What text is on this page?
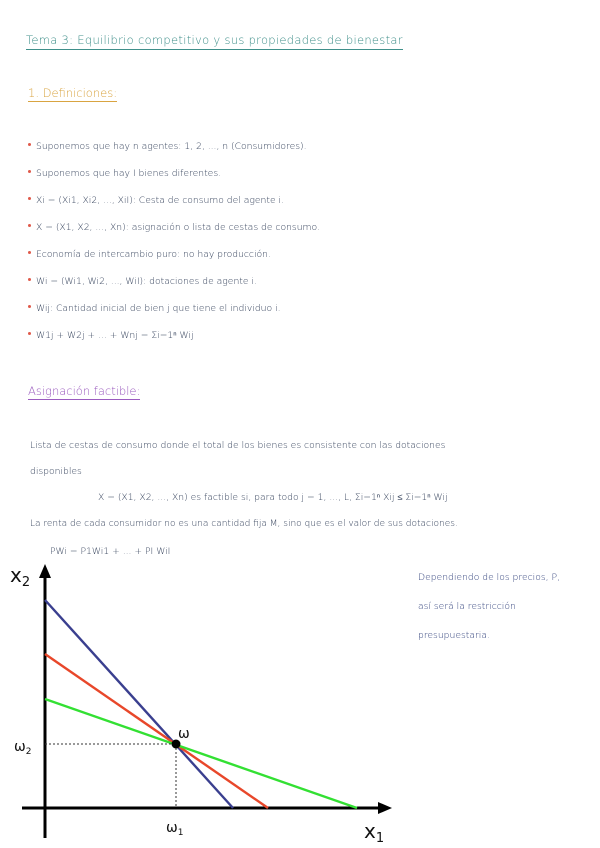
Tema 3: Equilibrio competitivo y sus propiedades de bienestar
1. Definiciones:
Suponemos que hay n agentes: 1, 2, ..., n (Consumidores).
Suponemos que hay I bienes diferentes.
Xi = (Xi1, Xi2, ..., XiI): Cesta de consumo del agente i.
X = (X1, X2, ..., Xn): asignación o lista de cestas de consumo.
Economía de intercambio puro: no hay producción.
Wi = (Wi1, Wi2, ..., WiI): dotaciones de agente i.
Wij: Cantidad inicial de bien j que tiene el individuo i.
W1j + W2j + ... + Wnj = Σi=1ⁿ Wij
Asignación factible:
Lista de cestas de consumo donde el total de los bienes es consistente con las dotaciones
disponibles
X = (X1, X2, ..., Xn) es factible si, para todo j = 1, ..., L, Σi=1ⁿ Xij ≤ Σi=1ⁿ Wij
La renta de cada consumidor no es una cantidad fija M, sino que es el valor de sus dotaciones.
PWi = P1Wi1 + ... + PI WiI
Dependiendo de los precios, P,
así será la restricción
presupuestaria.
ω
$\omega_2$
$\omega_1$
$x_2$
$x_1$
